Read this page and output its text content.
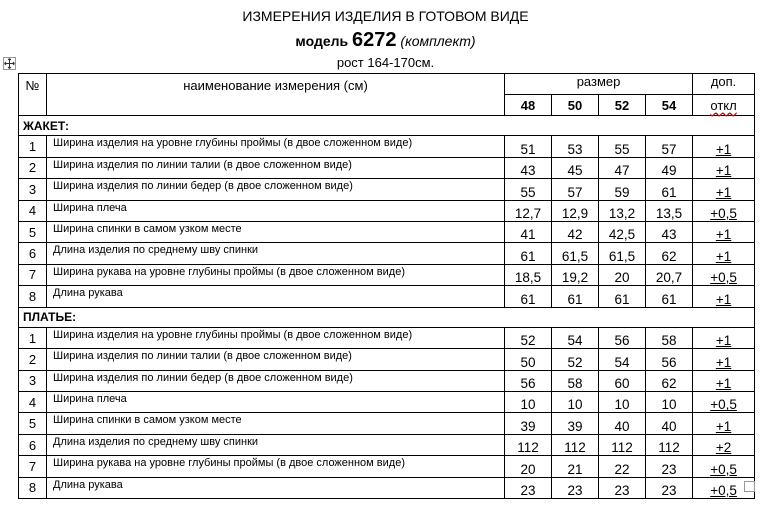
ИЗМЕРЕНИЯ ИЗДЕЛИЯ В ГОТОВОМ ВИДЕ
модель 6272 (комплект)
рост 164-170см.
№	наименование измерения (см)	размер				доп.
		48	50	52	54	откл
ЖАКЕТ:						
1	Ширина изделия на уровне глубины проймы (в двое сложенном виде)	51	53	55	57	+1
2	Ширина изделия по линии талии (в двое сложенном виде)	43	45	47	49	+1
3	Ширина изделия по линии бедер (в двое сложенном виде)	55	57	59	61	+1
4	Ширина плеча	12,7	12,9	13,2	13,5	+0,5
5	Ширина спинки в самом узком месте	41	42	42,5	43	+1
6	Длина изделия по среднему шву спинки	61	61,5	61,5	62	+1
7	Ширина рукава на уровне глубины проймы (в двое сложенном виде)	18,5	19,2	20	20,7	+0,5
8	Длина рукава	61	61	61	61	+1
ПЛАТЬЕ:						
1	Ширина изделия на уровне глубины проймы (в двое сложенном виде)	52	54	56	58	+1
2	Ширина изделия по линии талии (в двое сложенном виде)	50	52	54	56	+1
3	Ширина изделия по линии бедер (в двое сложенном виде)	56	58	60	62	+1
4	Ширина плеча	10	10	10	10	+0,5
5	Ширина спинки в самом узком месте	39	39	40	40	+1
6	Длина изделия по среднему шву спинки	112	112	112	112	+2
7	Ширина рукава на уровне глубины проймы (в двое сложенном виде)	20	21	22	23	+0,5
8	Длина рукава	23	23	23	23	+0,5
